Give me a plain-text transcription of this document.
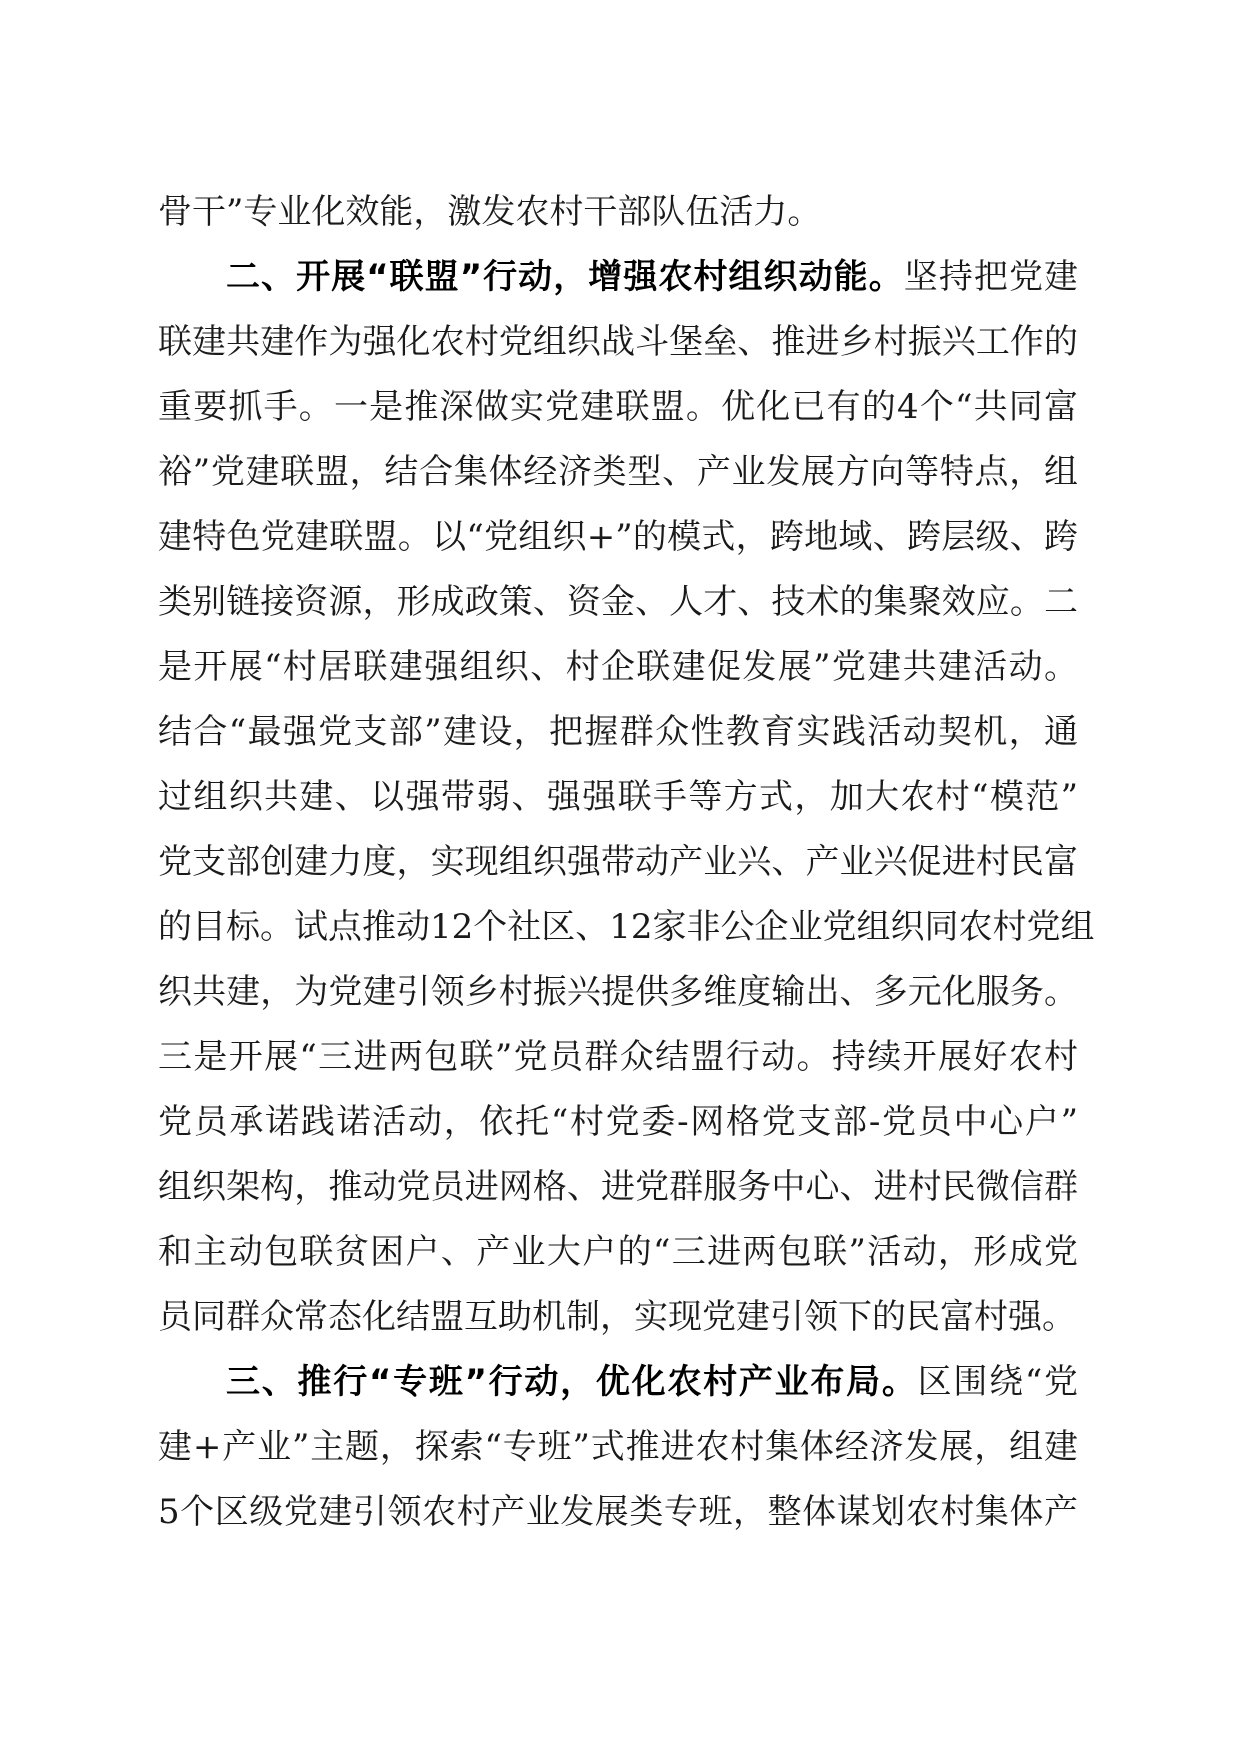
骨干”专业化效能，激发农村干部队伍活力。
二、开展“联盟”行动，增强农村组织动能。坚持把党建
联建共建作为强化农村党组织战斗堡垒、推进乡村振兴工作的
重要抓手。一是推深做实党建联盟。优化已有的4个“共同富
裕”党建联盟，结合集体经济类型、产业发展方向等特点，组
建特色党建联盟。以“党组织+”的模式，跨地域、跨层级、跨
类别链接资源，形成政策、资金、人才、技术的集聚效应。二
是开展“村居联建强组织、村企联建促发展”党建共建活动。
结合“最强党支部”建设，把握群众性教育实践活动契机，通
过组织共建、以强带弱、强强联手等方式，加大农村“模范”
党支部创建力度，实现组织强带动产业兴、产业兴促进村民富
的目标。试点推动12个社区、12家非公企业党组织同农村党组
织共建，为党建引领乡村振兴提供多维度输出、多元化服务。
三是开展“三进两包联”党员群众结盟行动。持续开展好农村
党员承诺践诺活动，依托“村党委-网格党支部-党员中心户”
组织架构，推动党员进网格、进党群服务中心、进村民微信群
和主动包联贫困户、产业大户的“三进两包联”活动，形成党
员同群众常态化结盟互助机制，实现党建引领下的民富村强。
三、推行“专班”行动，优化农村产业布局。区围绕“党
建+产业”主题，探索“专班”式推进农村集体经济发展，组建
5个区级党建引领农村产业发展类专班，整体谋划农村集体产
